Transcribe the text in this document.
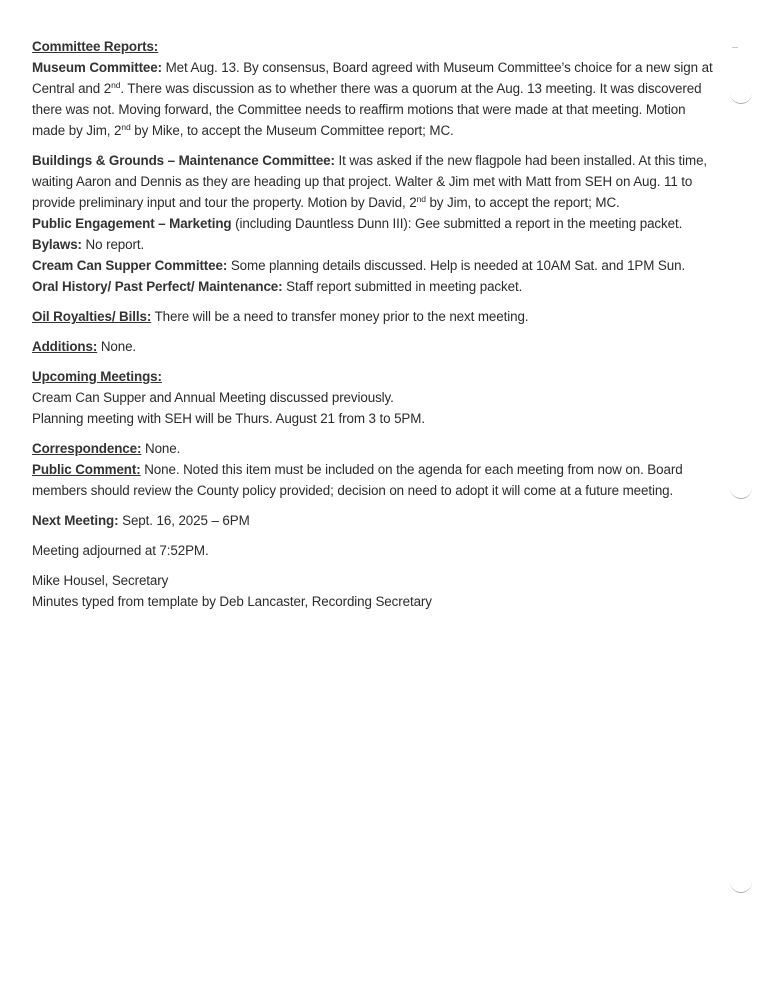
Committee Reports:

Museum Committee: Met Aug. 13. By consensus, Board agreed with Museum Committee’s choice for a new sign at Central and 2nd. There was discussion as to whether there was a quorum at the Aug. 13 meeting. It was discovered there was not. Moving forward, the Committee needs to reaffirm motions that were made at that meeting. Motion made by Jim, 2nd by Mike, to accept the Museum Committee report; MC.

Buildings & Grounds – Maintenance Committee: It was asked if the new flagpole had been installed. At this time, waiting Aaron and Dennis as they are heading up that project. Walter & Jim met with Matt from SEH on Aug. 11 to provide preliminary input and tour the property. Motion by David, 2nd by Jim, to accept the report; MC.

Public Engagement – Marketing (including Dauntless Dunn III): Gee submitted a report in the meeting packet.

Bylaws: No report.

Cream Can Supper Committee: Some planning details discussed. Help is needed at 10AM Sat. and 1PM Sun.

Oral History/ Past Perfect/ Maintenance: Staff report submitted in meeting packet.

Oil Royalties/ Bills: There will be a need to transfer money prior to the next meeting.

Additions: None.

Upcoming Meetings:

Cream Can Supper and Annual Meeting discussed previously.

Planning meeting with SEH will be Thurs. August 21 from 3 to 5PM.

Correspondence: None.

Public Comment: None. Noted this item must be included on the agenda for each meeting from now on. Board members should review the County policy provided; decision on need to adopt it will come at a future meeting.

Next Meeting: Sept. 16, 2025 – 6PM

Meeting adjourned at 7:52PM.

Mike Housel, Secretary

Minutes typed from template by Deb Lancaster, Recording Secretary
